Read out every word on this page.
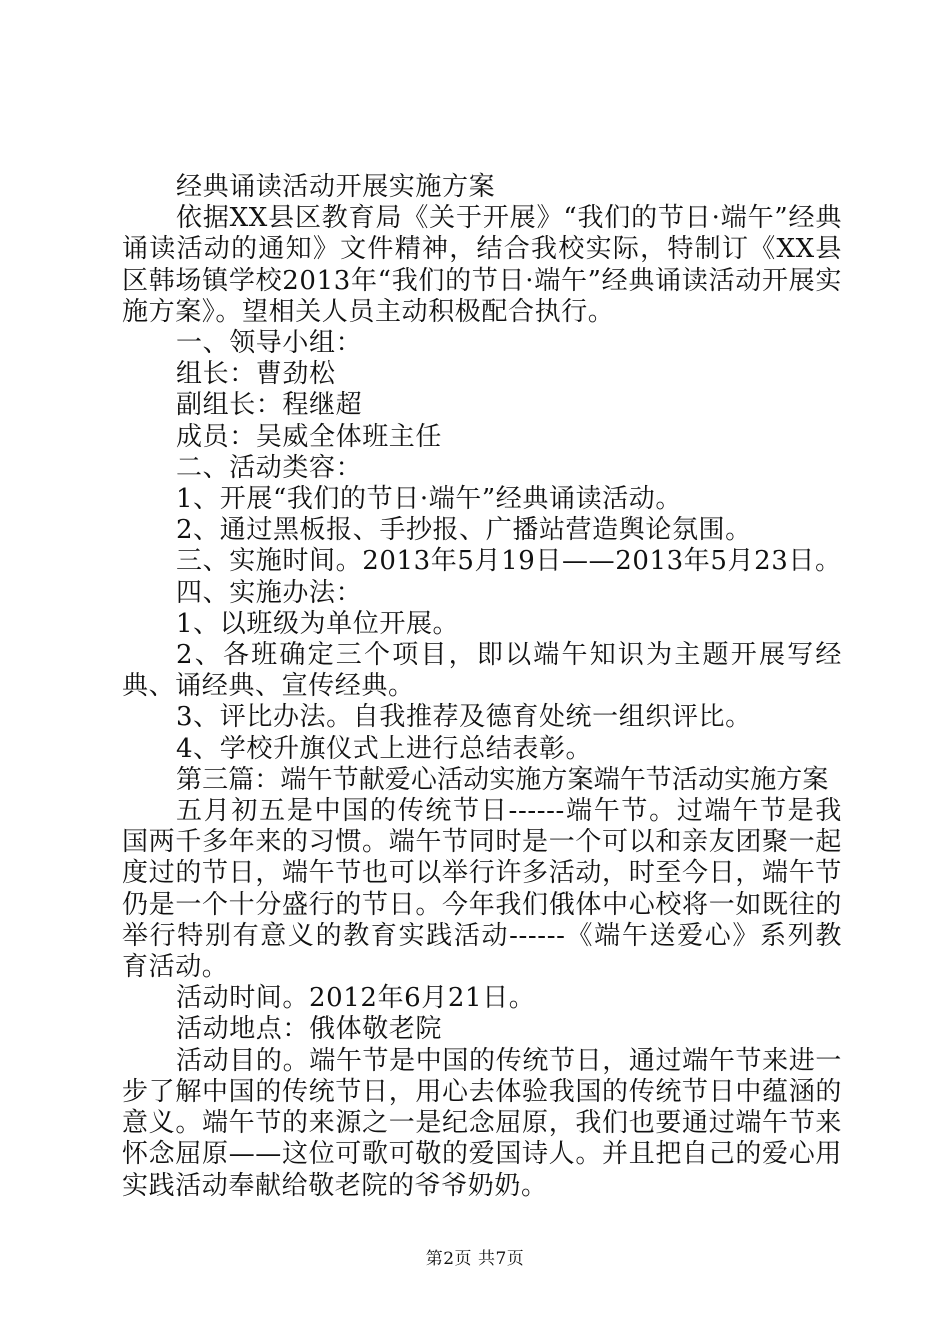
经典诵读活动开展实施方案

依据XX县区教育局《关于开展》“我们的节日·端午”经典诵读活动的通知》文件精神，结合我校实际，特制订《XX县区韩场镇学校2013年“我们的节日·端午”经典诵读活动开展实施方案》。望相关人员主动积极配合执行。

一、领导小组：

组长：曹劲松

副组长：程继超

成员：吴威全体班主任

二、活动类容：

1、开展“我们的节日·端午”经典诵读活动。

2、通过黑板报、手抄报、广播站营造舆论氛围。

三、实施时间。2013年5月19日——2013年5月23日。

四、实施办法：

1、以班级为单位开展。

2、各班确定三个项目，即以端午知识为主题开展写经典、诵经典、宣传经典。

3、评比办法。自我推荐及德育处统一组织评比。

4、学校升旗仪式上进行总结表彰。

第三篇：端午节献爱心活动实施方案端午节活动实施方案

五月初五是中国的传统节日------端午节。过端午节是我国两千多年来的习惯。端午节同时是一个可以和亲友团聚一起度过的节日，端午节也可以举行许多活动，时至今日，端午节仍是一个十分盛行的节日。今年我们俄体中心校将一如既往的举行特别有意义的教育实践活动------《端午送爱心》系列教育活动。

活动时间。2012年6月21日。

活动地点：俄体敬老院

活动目的。端午节是中国的传统节日，通过端午节来进一步了解中国的传统节日，用心去体验我国的传统节日中蕴涵的意义。端午节的来源之一是纪念屈原，我们也要通过端午节来怀念屈原——这位可歌可敬的爱国诗人。并且把自己的爱心用实践活动奉献给敬老院的爷爷奶奶。

第2页 共7页
